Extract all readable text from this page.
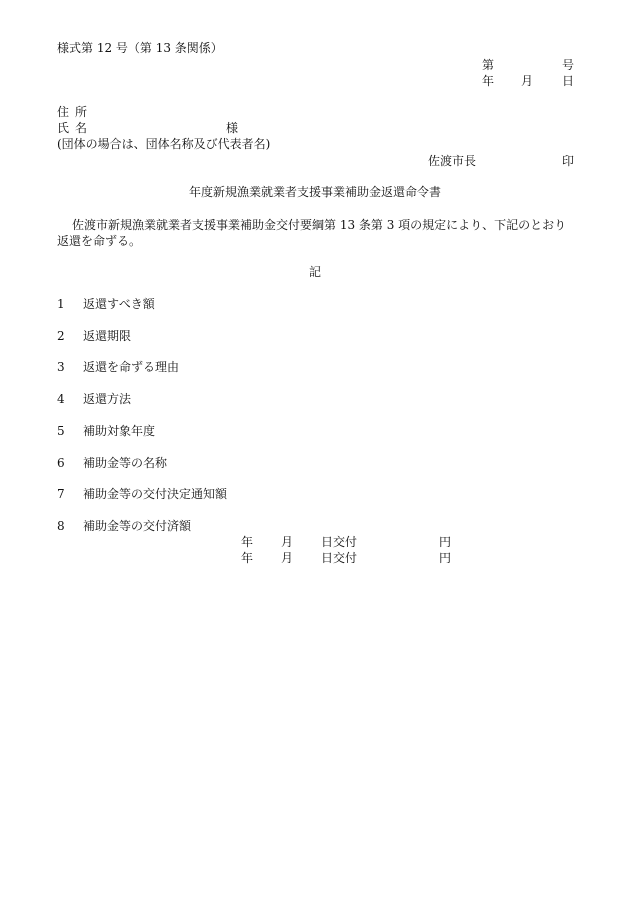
様式第 12 号（第 13 条関係）
第	号
年 月 日
住所
氏名	様
(団体の場合は、団体名称及び代表者名)
佐渡市長	印
年度新規漁業就業者支援事業補助金返還命令書
佐渡市新規漁業就業者支援事業補助金交付要綱第 13 条第 3 項の規定により、下記のとおり返還を命ずる。
記
1 返還すべき額
2 返還期限
3 返還を命ずる理由
4 返還方法
5 補助対象年度
6 補助金等の名称
7 補助金等の交付決定通知額
8 補助金等の交付済額
年 月 日交付	円
年 月 日交付	円
